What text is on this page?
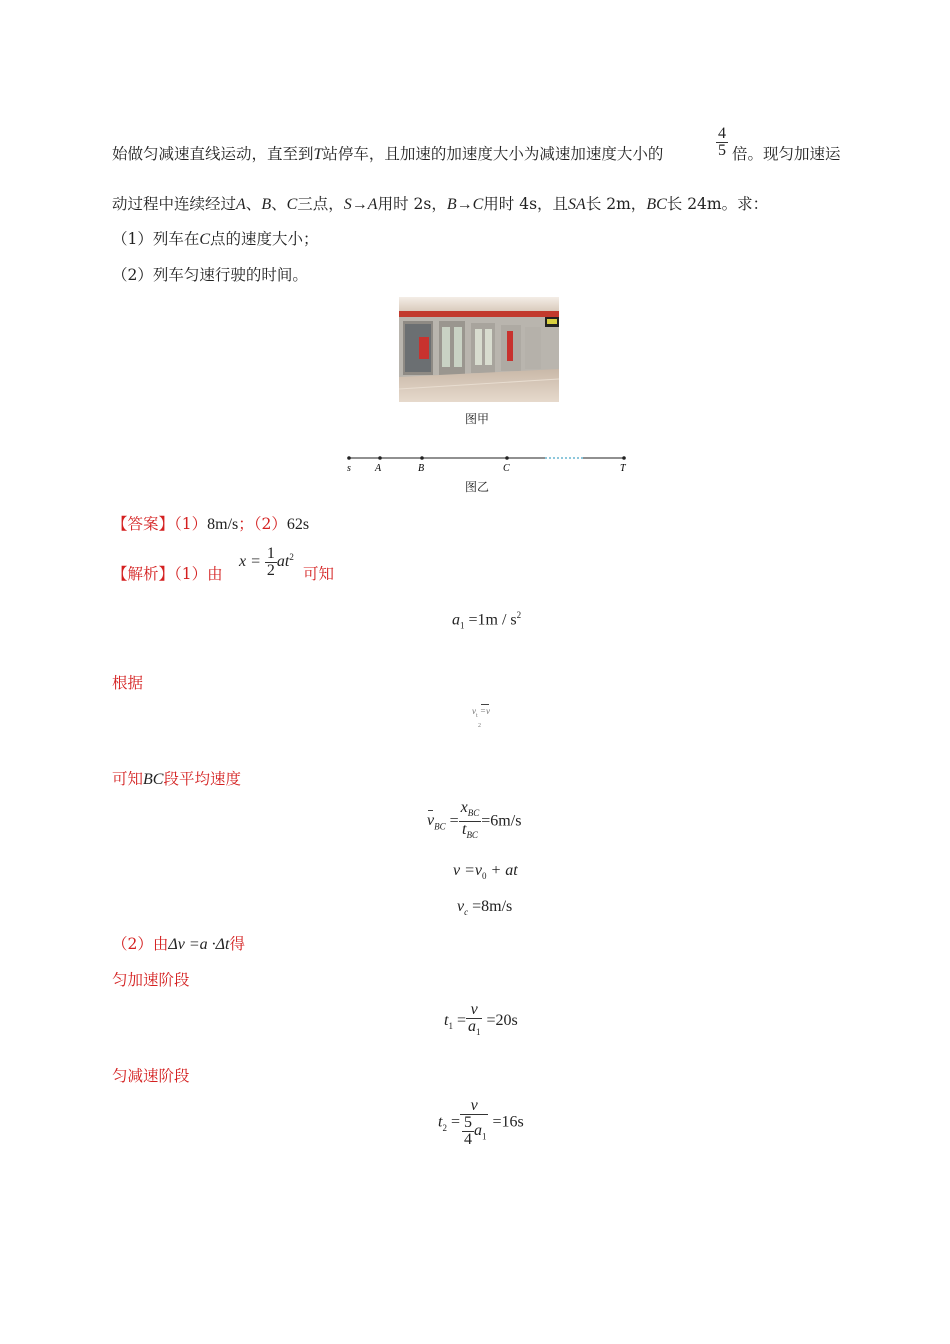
始做匀减速直线运动，直至到T站停车，且加速的加速度大小为减速加速度大小的	$\frac{4}{5}$ 倍。现匀加速运
动过程中连续经过A、B、C三点，S→A用时 2s，B→C用时 4s，且SA长 2m，BC长 24m。求：
（1）列车在C点的速度大小；
（2）列车匀速行驶的时间。
图甲
s A	B	C	T
图乙
【答案】（1）8m/s；（2）62s
【解析】（1）由
$x = \frac{1}{2} at^2$
可知
$a_1 =1m / s^2$
根据
$v_t =v$
2
可知BC段平均速度
$v_{BC} = \frac{x_{BC}}{t_{BC}} =6m/s$
$v =v_0$ + at
$v_c =8m/s$
（2）由Δv =a ·Δt得
匀加速阶段
$t_1 = \frac{v}{a_1} =20s$
匀减速阶段
$t_2 = \frac{v}{\frac{5}{4} a_1} =16s$
